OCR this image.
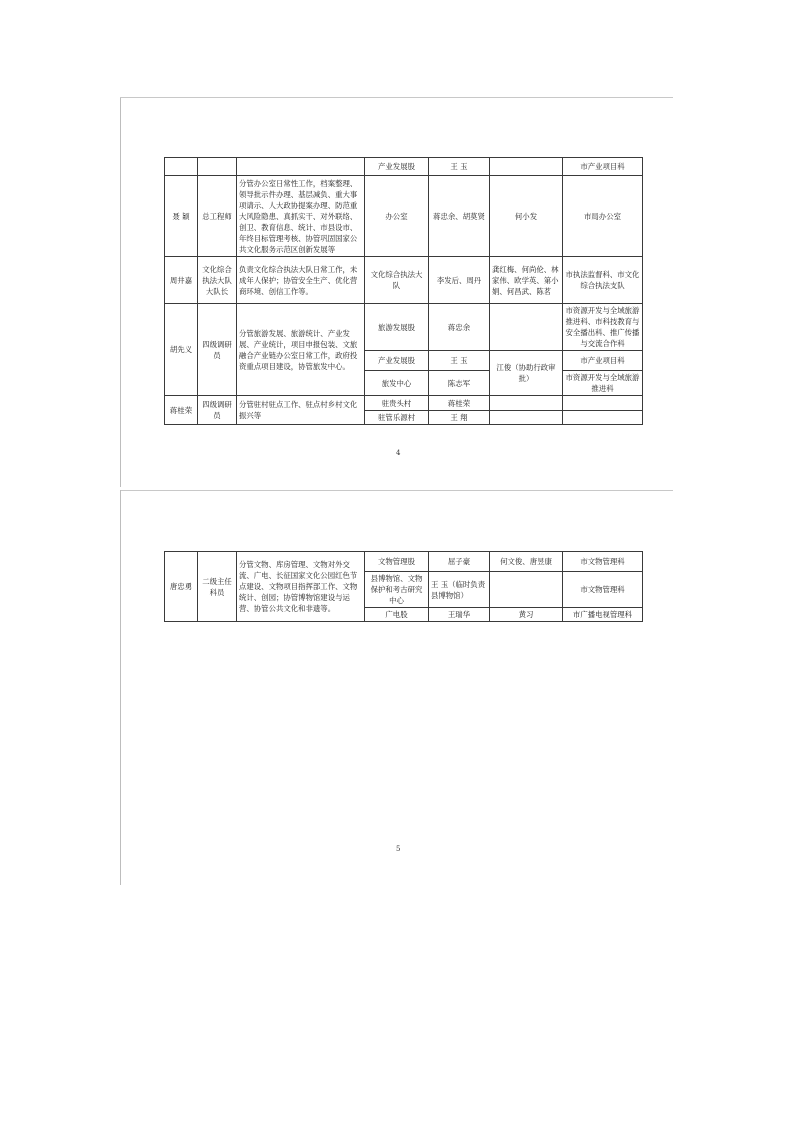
			产业发展股	王 玉		市产业项目科
聂 颖	总工程师	分管办公室日常性工作，档案整理、领导批示件办理、基层减负、重大事项请示、人大政协提案办理、防范重大风险隐患、真抓实干、对外联络、创卫、教育信息、统计、市县设市、年终目标管理考核、协管巩固国家公共文化服务示范区创新发展等	办公室	蒋忠余、胡莫贤	何小发	市局办公室
周井嘉	文化综合执法大队大队长	负责文化综合执法大队日常工作，未成年人保护；协管安全生产、优化营商环境、创信工作等。	文化综合执法大队	李发后、周丹	龚红梅、何尚伦、林家伟、欧学英、第小娟、何昌武、陈茗	市执法监督科、市文化综合执法支队
胡先义	四级调研员	分管旅游发展、旅游统计、产业发展、产业统计，项目申报包装、文旅融合产业链办公室日常工作，政府投资重点项目建设，协管旅发中心。	旅游发展股	蒋忠余		市资源开发与全域旅游推进科、市科技教育与安全播出科、推广传播与交流合作科
			产业发展股	王 玉	江俊（协助行政审批）	市产业项目科
			旅发中心	陈志军		市资源开发与全域旅游推进科
蒋桂荣	四级调研员	分管驻村驻点工作、驻点村乡村文化振兴等	驻贵头村	蒋桂荣		
			驻管乐源村	王 翔		
4
唐忠勇	二级主任科员	分管文物、库房管理、文物对外交流、广电、长征国家文化公园红色节点建设、文物项目指挥部工作、文物统计、创园；协管博物馆建设与运营、协管公共文化和非遗等。	文物管理股	屈子豪	何文俊、唐昱康	市文物管理科
			县博物馆、文物保护和考古研究中心	王 玉（临时负责县博物馆）		市文物管理科
			广电股	王瑞华	黄习	市广播电视管理科
5
